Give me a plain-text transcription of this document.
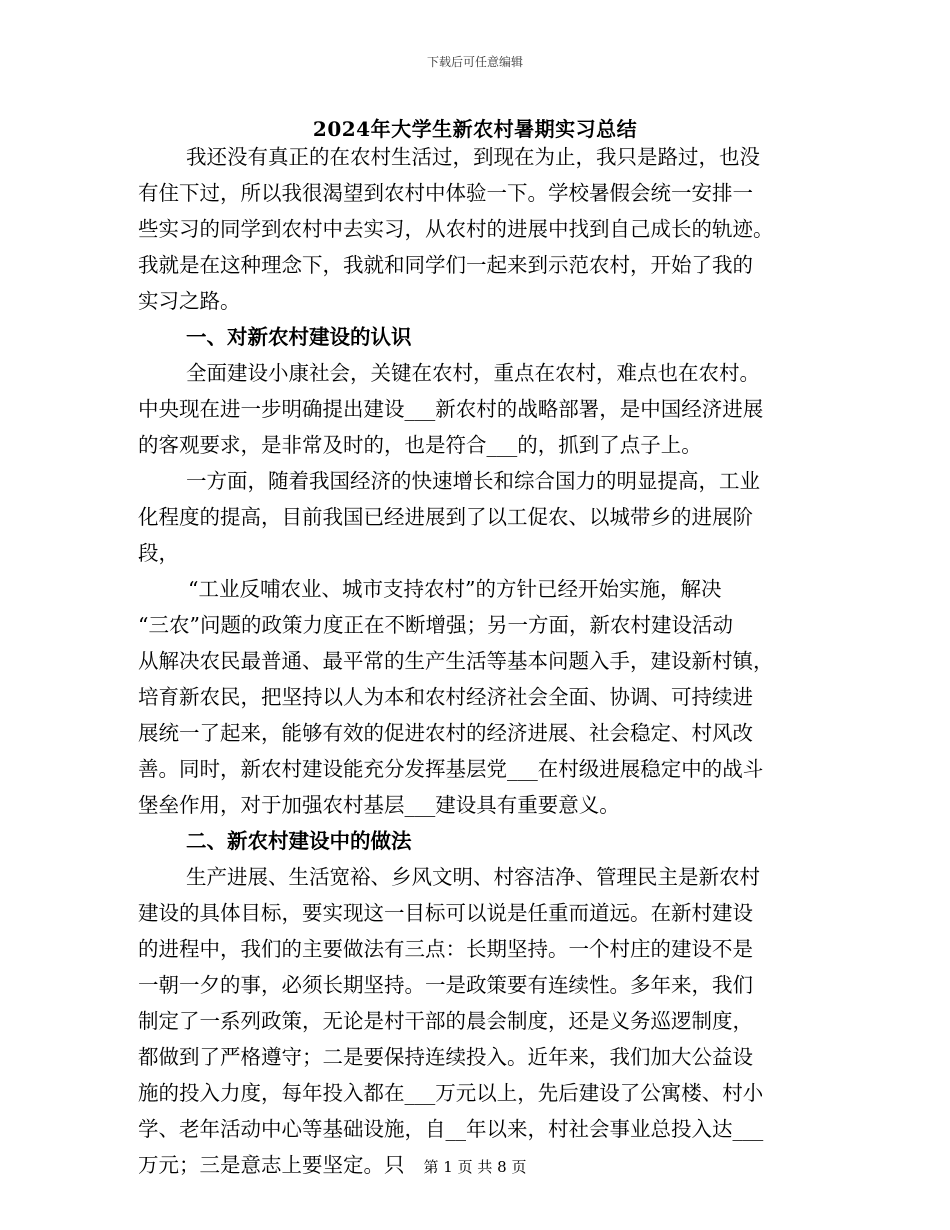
下载后可任意编辑
2024年大学生新农村暑期实习总结
我还没有真正的在农村生活过，到现在为止，我只是路过，也没
有住下过，所以我很渴望到农村中体验一下。学校暑假会统一安排一
些实习的同学到农村中去实习，从农村的进展中找到自己成长的轨迹。
我就是在这种理念下，我就和同学们一起来到示范农村，开始了我的
实习之路。
一、对新农村建设的认识
全面建设小康社会，关键在农村，重点在农村，难点也在农村。
中央现在进一步明确提出建设___新农村的战略部署，是中国经济进展
的客观要求，是非常及时的，也是符合___的，抓到了点子上。
一方面，随着我国经济的快速增长和综合国力的明显提高，工业
化程度的提高，目前我国已经进展到了以工促农、以城带乡的进展阶
段，
“工业反哺农业、城市支持农村”的方针已经开始实施，解决
“三农”问题的政策力度正在不断增强；另一方面，新农村建设活动
从解决农民最普通、最平常的生产生活等基本问题入手，建设新村镇，
培育新农民，把坚持以人为本和农村经济社会全面、协调、可持续进
展统一了起来，能够有效的促进农村的经济进展、社会稳定、村风改
善。同时，新农村建设能充分发挥基层党___在村级进展稳定中的战斗
堡垒作用，对于加强农村基层___建设具有重要意义。
二、新农村建设中的做法
生产进展、生活宽裕、乡风文明、村容洁净、管理民主是新农村
建设的具体目标，要实现这一目标可以说是任重而道远。在新村建设
的进程中，我们的主要做法有三点：长期坚持。一个村庄的建设不是
一朝一夕的事，必须长期坚持。一是政策要有连续性。多年来，我们
制定了一系列政策，无论是村干部的晨会制度，还是义务巡逻制度，
都做到了严格遵守；二是要保持连续投入。近年来，我们加大公益设
施的投入力度，每年投入都在___万元以上，先后建设了公寓楼、村小
学、老年活动中心等基础设施，自__年以来，村社会事业总投入达___
万元；三是意志上要坚定。只	第 1 页 共 8 页
